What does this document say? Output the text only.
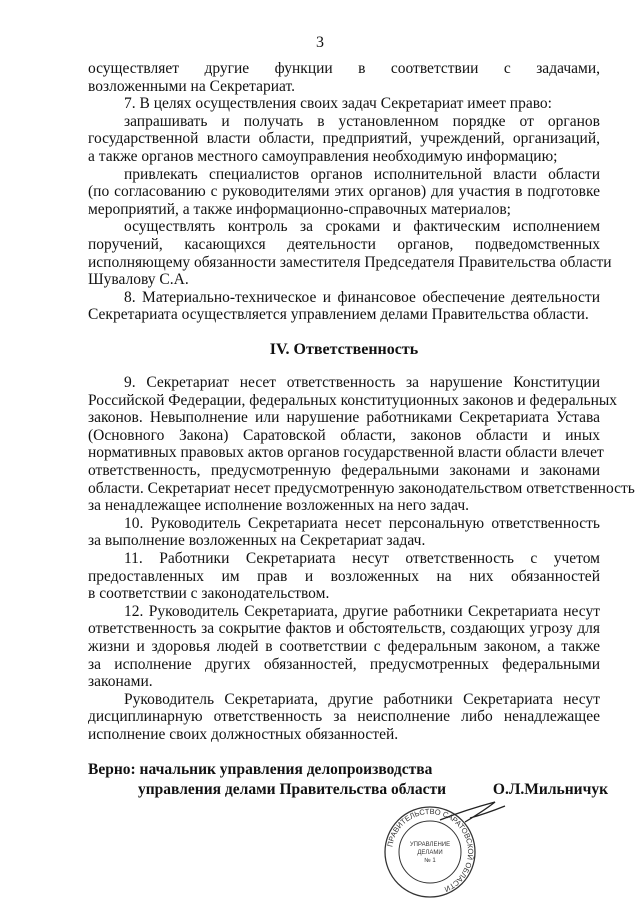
3
осуществляет другие функции в соответствии с задачами,
возложенными на Секретариат.
7. В целях осуществления своих задач Секретариат имеет право:
запрашивать и получать в установленном порядке от органов
государственной власти области, предприятий, учреждений, организаций,
а также органов местного самоуправления необходимую информацию;
привлекать специалистов органов исполнительной власти области
(по согласованию с руководителями этих органов) для участия в подготовке
мероприятий, а также информационно-справочных материалов;
осуществлять контроль за сроками и фактическим исполнением
поручений, касающихся деятельности органов, подведомственных
исполняющему обязанности заместителя Председателя Правительства области
Шувалову С.А.
8. Материально-техническое и финансовое обеспечение деятельности
Секретариата осуществляется управлением делами Правительства области.
IV. Ответственность
9. Секретариат несет ответственность за нарушение Конституции
Российской Федерации, федеральных конституционных законов и федеральных
законов. Невыполнение или нарушение работниками Секретариата Устава
(Основного Закона) Саратовской области, законов области и иных
нормативных правовых актов органов государственной власти области влечет
ответственность, предусмотренную федеральными законами и законами
области. Секретариат несет предусмотренную законодательством ответственность
за ненадлежащее исполнение возложенных на него задач.
10. Руководитель Секретариата несет персональную ответственность
за выполнение возложенных на Секретариат задач.
11. Работники Секретариата несут ответственность с учетом
предоставленных им прав и возложенных на них обязанностей
в соответствии с законодательством.
12. Руководитель Секретариата, другие работники Секретариата несут
ответственность за сокрытие фактов и обстоятельств, создающих угрозу для
жизни и здоровья людей в соответствии с федеральным законом, а также
за исполнение других обязанностей, предусмотренных федеральными
законами.
Руководитель Секретариата, другие работники Секретариата несут
дисциплинарную ответственность за неисполнение либо ненадлежащее
исполнение своих должностных обязанностей.
Верно: начальник управления делопроизводства
управления делами Правительства области	О.Л.Мильничук
ПРАВИТЕЛЬСТВО САРАТОВСКОЙ ОБЛАСТИ
УПРАВЛЕНИЕ
ДЕЛАМИ
№ 1
